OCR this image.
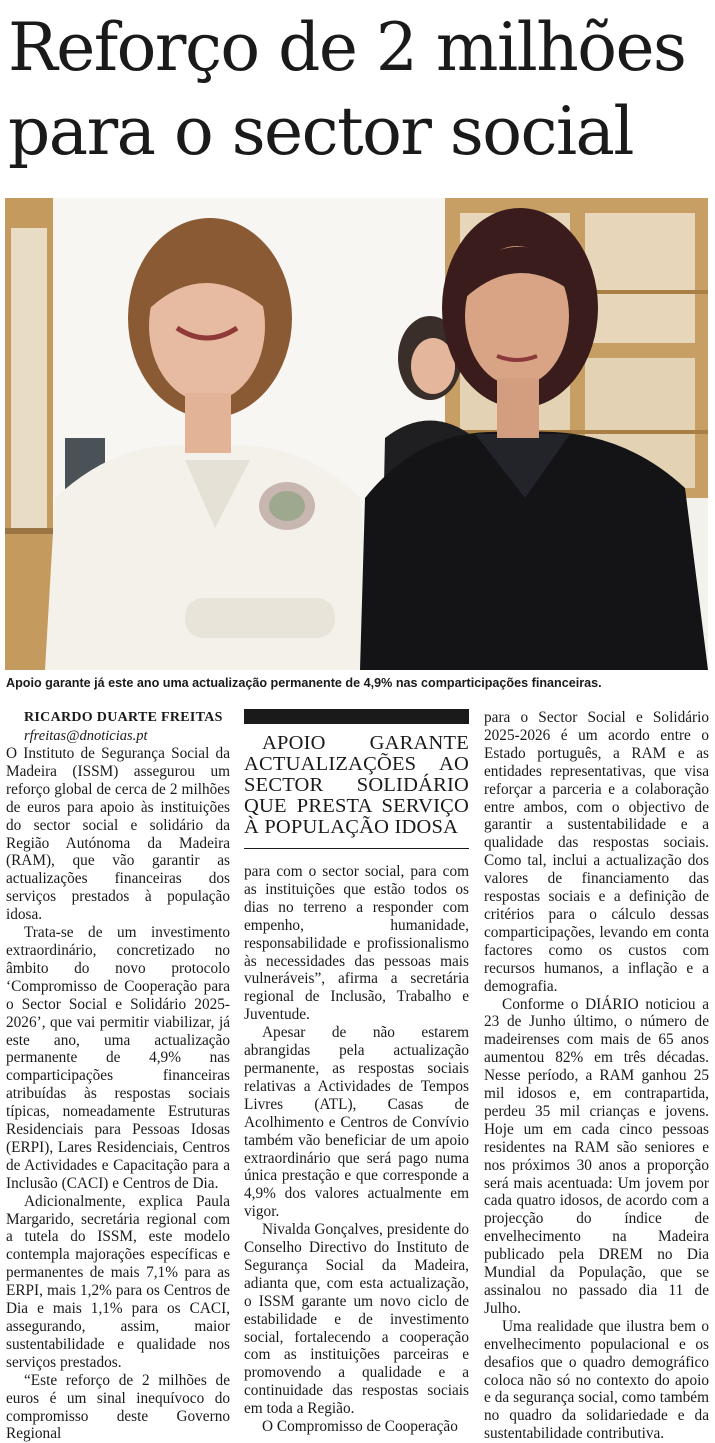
Reforço de 2 milhões
para o sector social

Apoio garante já este ano uma actualização permanente de 4,9% nas comparticipações financeiras.

RICARDO DUARTE FREITAS

rfreitas@dnoticias.pt

O Instituto de Segurança Social da Madeira (ISSM) assegurou um reforço global de cerca de 2 milhões de euros para apoio às instituições do sector social e solidário da Região Autónoma da Madeira (RAM), que vão garantir as actualizações financeiras dos serviços prestados à população idosa.

Trata-se de um investimento extraordinário, concretizado no âmbito do novo protocolo ‘Compromisso de Cooperação para o Sector Social e Solidário 2025-2026’, que vai permitir viabilizar, já este ano, uma actualização permanente de 4,9% nas comparticipações financeiras atribuídas às respostas sociais típicas, nomeadamente Estruturas Residenciais para Pessoas Idosas (ERPI), Lares Residenciais, Centros de Actividades e Capacitação para a Inclusão (CACI) e Centros de Dia.

Adicionalmente, explica Paula Margarido, secretária regional com a tutela do ISSM, este modelo contempla majorações específicas e permanentes de mais 7,1% para as ERPI, mais 1,2% para os Centros de Dia e mais 1,1% para os CACI, assegurando, assim, maior sustentabilidade e qualidade nos serviços prestados.

“Este reforço de 2 milhões de euros é um sinal inequívoco do compromisso deste Governo Regional

APOIO GARANTE ACTUALIZAÇÕES AO SECTOR SOLIDÁRIO QUE PRESTA SERVIÇO À POPULAÇÃO IDOSA

para com o sector social, para com as instituições que estão todos os dias no terreno a responder com empenho, humanidade, responsabilidade e profissionalismo às necessidades das pessoas mais vulneráveis”, afirma a secretária regional de Inclusão, Trabalho e Juventude.

Apesar de não estarem abrangidas pela actualização permanente, as respostas sociais relativas a Actividades de Tempos Livres (ATL), Casas de Acolhimento e Centros de Convívio também vão beneficiar de um apoio extraordinário que será pago numa única prestação e que corresponde a 4,9% dos valores actualmente em vigor.

Nivalda Gonçalves, presidente do Conselho Directivo do Instituto de Segurança Social da Madeira, adianta que, com esta actualização, o ISSM garante um novo ciclo de estabilidade e de investimento social, fortalecendo a cooperação com as instituições parceiras e promovendo a qualidade e a continuidade das respostas sociais em toda a Região.

O Compromisso de Cooperação

para o Sector Social e Solidário 2025-2026 é um acordo entre o Estado português, a RAM e as entidades representativas, que visa reforçar a parceria e a colaboração entre ambos, com o objectivo de garantir a sustentabilidade e a qualidade das respostas sociais. Como tal, inclui a actualização dos valores de financiamento das respostas sociais e a definição de critérios para o cálculo dessas comparticipações, levando em conta factores como os custos com recursos humanos, a inflação e a demografia.

Conforme o DIÁRIO noticiou a 23 de Junho último, o número de madeirenses com mais de 65 anos aumentou 82% em três décadas. Nesse período, a RAM ganhou 25 mil idosos e, em contrapartida, perdeu 35 mil crianças e jovens. Hoje um em cada cinco pessoas residentes na RAM são seniores e nos próximos 30 anos a proporção será mais acentuada: Um jovem por cada quatro idosos, de acordo com a projecção do índice de envelhecimento na Madeira publicado pela DREM no Dia Mundial da População, que se assinalou no passado dia 11 de Julho.

Uma realidade que ilustra bem o envelhecimento populacional e os desafios que o quadro demográfico coloca não só no contexto do apoio e da segurança social, como também no quadro da solidariedade e da sustentabilidade contributiva.
